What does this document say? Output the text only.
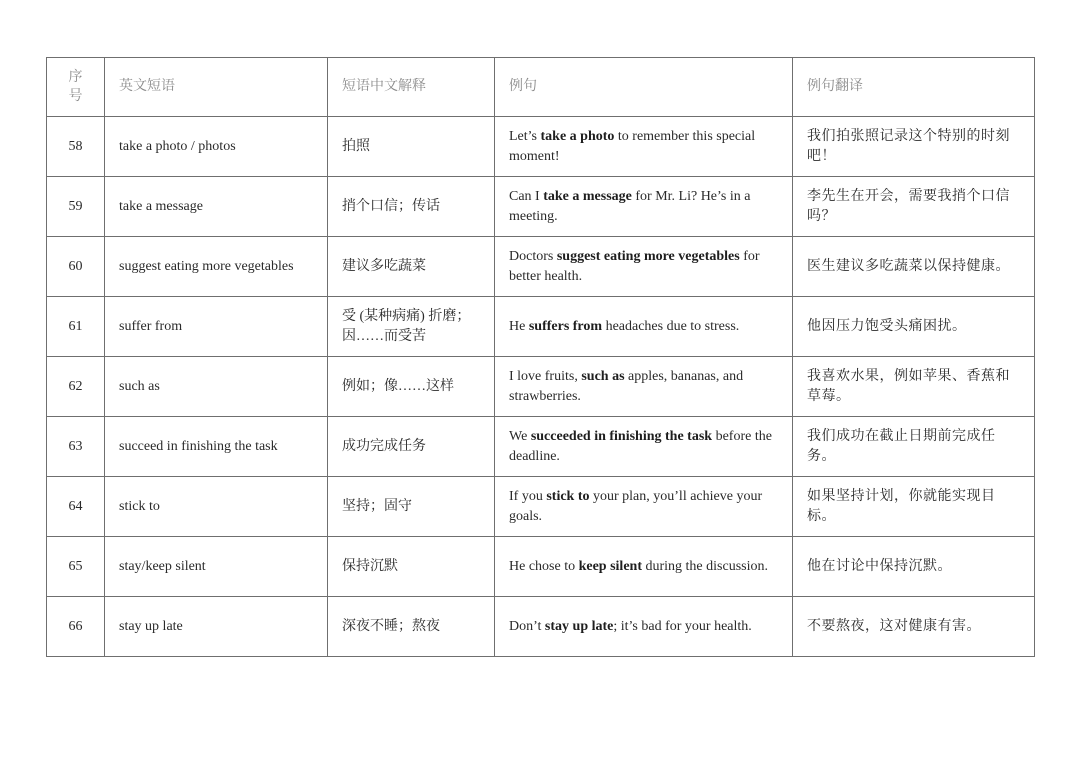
序号	英文短语	短语中文解释	例句	例句翻译
58	take a photo / photos	拍照	Let’s take a photo to remember this special moment!	我们拍张照记录这个特别的时刻吧！
59	take a message	捎个口信；传话	Can I take a message for Mr. Li? He’s in a meeting.	李先生在开会，需要我捎个口信吗？
60	suggest eating more vegetables	建议多吃蔬菜	Doctors suggest eating more vegetables for better health.	医生建议多吃蔬菜以保持健康。
61	suffer from	受 (某种病痛) 折磨；因……而受苦	He suffers from headaches due to stress.	他因压力饱受头痛困扰。
62	such as	例如；像……这样	I love fruits, such as apples, bananas, and strawberries.	我喜欢水果，例如苹果、香蕉和草莓。
63	succeed in finishing the task	成功完成任务	We succeeded in finishing the task before the deadline.	我们成功在截止日期前完成任务。
64	stick to	坚持；固守	If you stick to your plan, you’ll achieve your goals.	如果坚持计划，你就能实现目标。
65	stay/keep silent	保持沉默	He chose to keep silent during the discussion.	他在讨论中保持沉默。
66	stay up late	深夜不睡；熬夜	Don’t stay up late; it’s bad for your health.	不要熬夜，这对健康有害。
